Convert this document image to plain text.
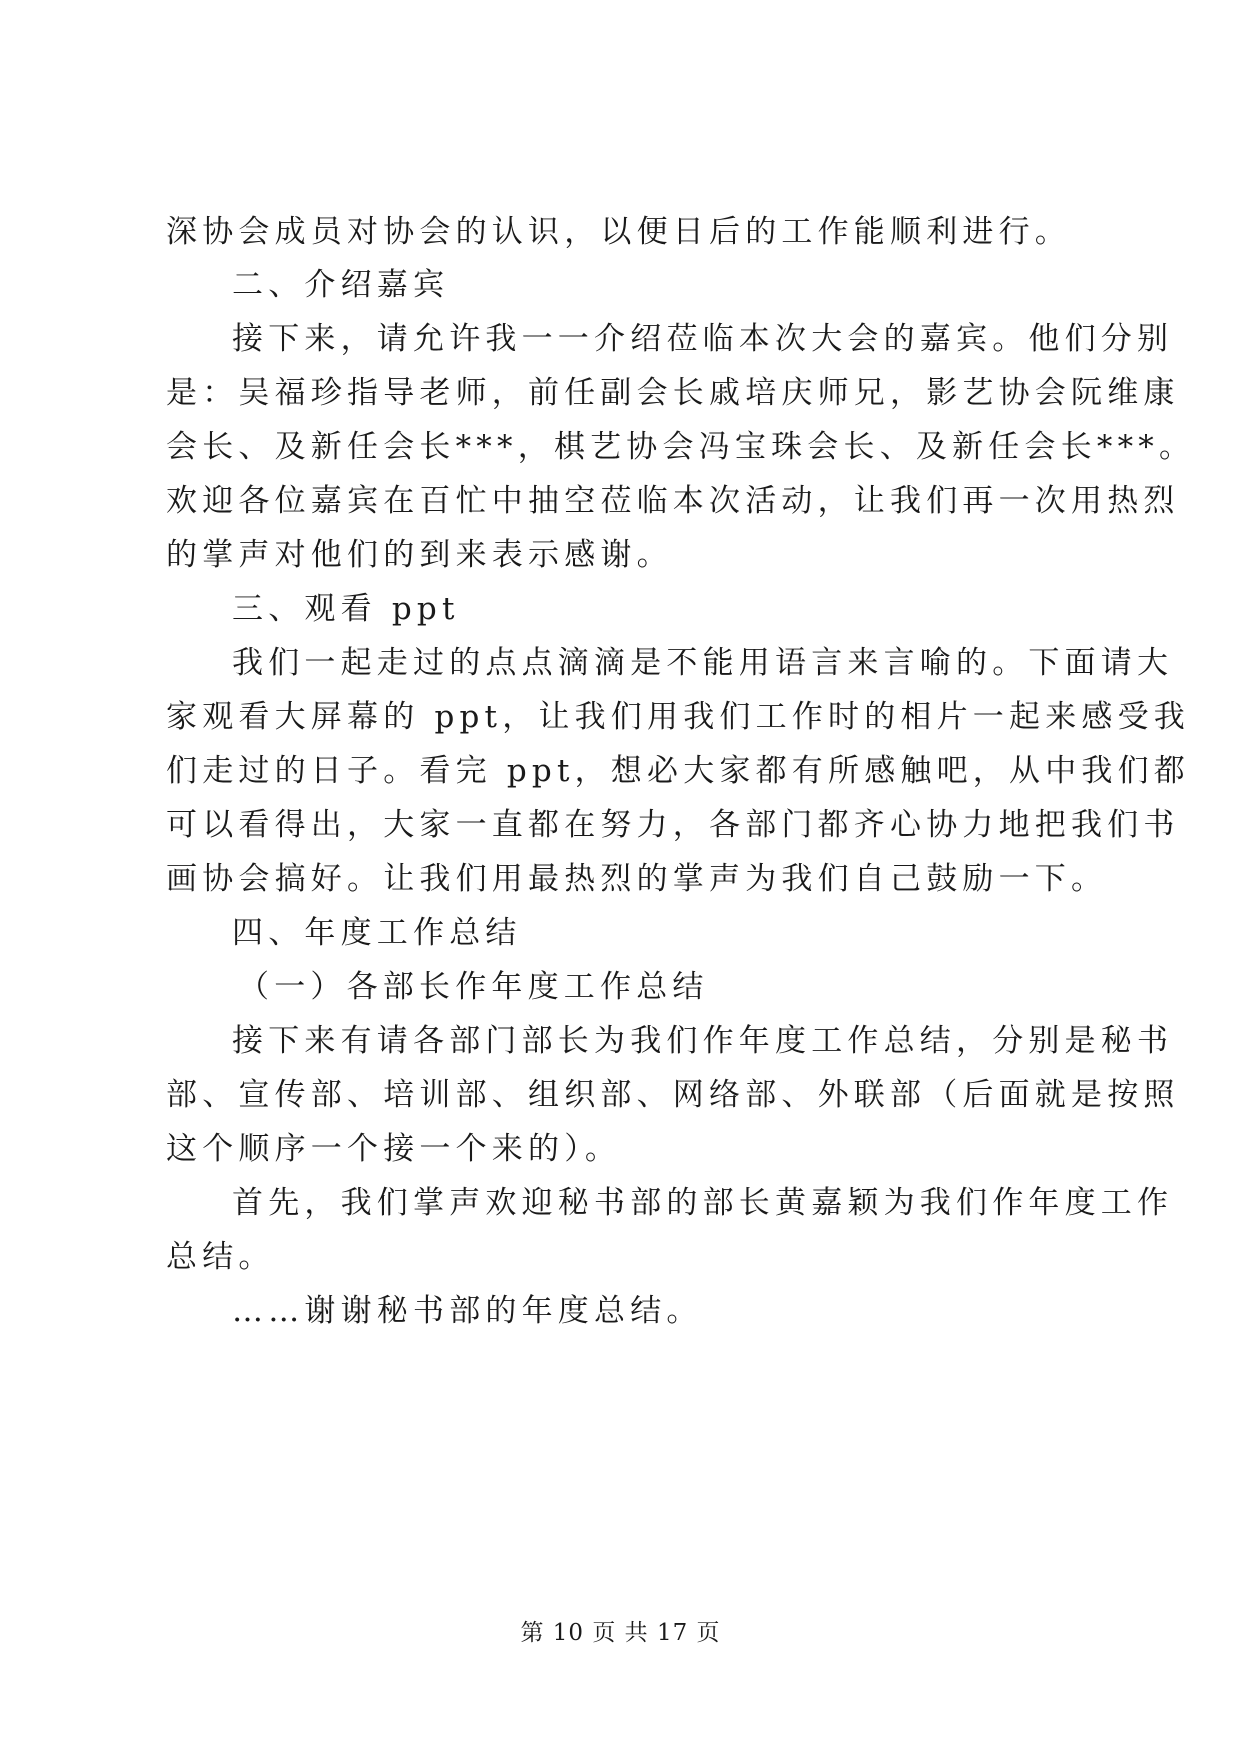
深协会成员对协会的认识，以便日后的工作能顺利进行。
二、介绍嘉宾
接下来，请允许我一一介绍莅临本次大会的嘉宾。他们分别
是：吴福珍指导老师，前任副会长戚培庆师兄，影艺协会阮维康
会长、及新任会长***，棋艺协会冯宝珠会长、及新任会长***。
欢迎各位嘉宾在百忙中抽空莅临本次活动，让我们再一次用热烈
的掌声对他们的到来表示感谢。
三、观看 ppt
我们一起走过的点点滴滴是不能用语言来言喻的。下面请大
家观看大屏幕的 ppt，让我们用我们工作时的相片一起来感受我
们走过的日子。看完 ppt，想必大家都有所感触吧，从中我们都
可以看得出，大家一直都在努力，各部门都齐心协力地把我们书
画协会搞好。让我们用最热烈的掌声为我们自己鼓励一下。
四、年度工作总结
（一）各部长作年度工作总结
接下来有请各部门部长为我们作年度工作总结，分别是秘书
部、宣传部、培训部、组织部、网络部、外联部（后面就是按照
这个顺序一个接一个来的）。
首先，我们掌声欢迎秘书部的部长黄嘉颖为我们作年度工作
总结。
……谢谢秘书部的年度总结。
第 10 页 共 17 页
